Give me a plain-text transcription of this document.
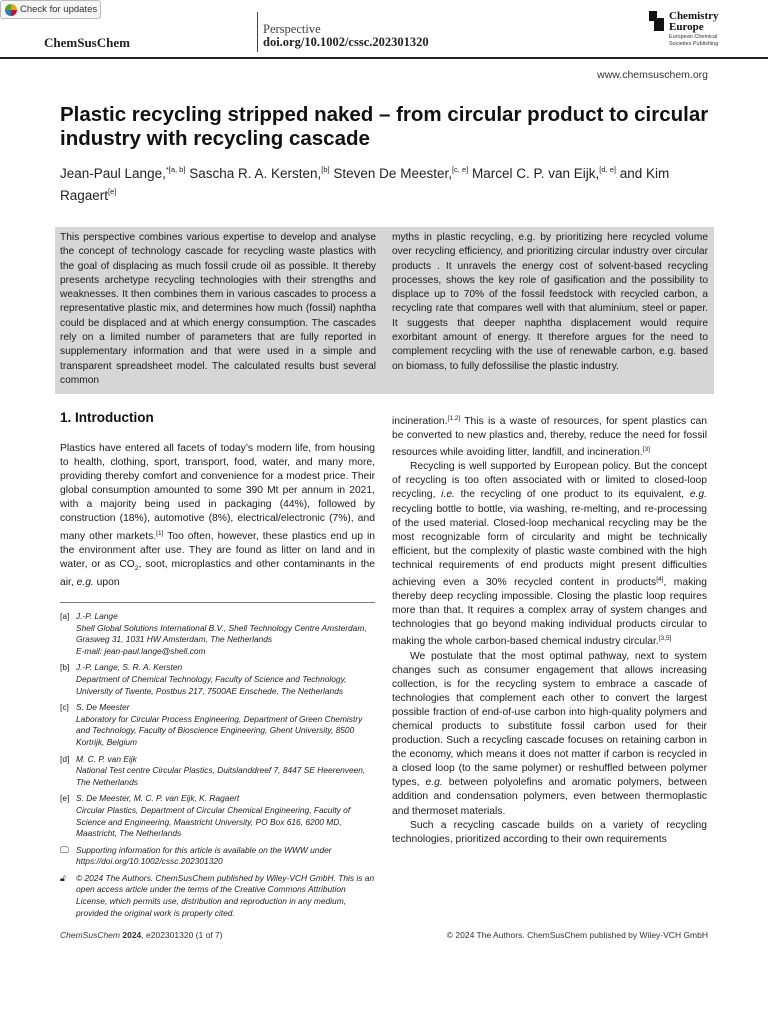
Check for updates
ChemSusChem
Perspective
doi.org/10.1002/cssc.202301320
Chemistry Europe
European Chemical
Societies Publishing
www.chemsuschem.org
Plastic recycling stripped naked – from circular product to circular industry with recycling cascade
Jean-Paul Lange,$^{*[a, b]}$ Sascha R. A. Kersten,[b] Steven De Meester,[c, e] Marcel C. P. van Eijk,[d, e] and Kim Ragaert[e]

This perspective combines various expertise to develop and analyse the concept of technology cascade for recycling waste plastics with the goal of displacing as much fossil crude oil as possible. It thereby presents archetype recycling technologies with their strengths and weaknesses. It then combines them in various cascades to process a representative plastic mix, and determines how much (fossil) naphtha could be displaced and at which energy consumption. The cascades rely on a limited number of parameters that are fully reported in supplementary information and that were used in a simple and transparent spreadsheet model. The calculated results bust several common

myths in plastic recycling, e.g. by prioritizing here recycled volume over recycling efficiency, and prioritizing circular industry over circular products . It unravels the energy cost of solvent-based recycling processes, shows the key role of gasification and the possibility to displace up to 70% of the fossil feedstock with recycled carbon, a recycling rate that compares well with that aluminium, steel or paper. It suggests that deeper naphtha displacement would require exorbitant amount of energy. It therefore argues for the need to complement recycling with the use of renewable carbon, e.g. based on biomass, to fully defossilise the plastic industry.

1. Introduction

Plastics have entered all facets of today’s modern life, from housing to health, clothing, sport, transport, food, water, and many more, providing thereby comfort and convenience for a modest price. Their global consumption amounted to some 390 Mt per annum in 2021, with a majority being used in packaging (44%), followed by construction (18%), automotive (8%), electrical/electronic (7%), and many other markets.[1] Too often, however, these plastics end up in the environment after use. They are found as litter on land and in water, or as $CO_2$, soot, microplastics and other contaminants in the air, e.g. upon

[a] J.-P. Lange
Shell Global Solutions International B.V., Shell Technology Centre Amsterdam, Grasweg 31, 1031 HW Amsterdam, The Netherlands
E-mail: jean-paul.lange@shell.com
[b] J.-P. Lange, S. R. A. Kersten
Department of Chemical Technology, Faculty of Science and Technology, University of Twente, Postbus 217, 7500AE Enschede, The Netherlands
[c] S. De Meester
Laboratory for Circular Process Engineering, Department of Green Chemistry and Technology, Faculty of Bioscience Engineering, Ghent University, 8500 Kortrijk, Belgium
[d] M. C. P. van Eijk
National Test centre Circular Plastics, Duitslanddreef 7, 8447 SE Heerenveen, The Netherlands
[e] S. De Meester, M. C. P. van Eijk, K. Ragaert
Circular Plastics, Department of Circular Chemical Engineering, Faculty of Science and Engineering, Maastricht University, PO Box 616, 6200 MD, Maastricht, The Netherlands
🖵︎ Supporting information for this article is available on the WWW under https://doi.org/10.1002/cssc.202301320
🔓︎	© 2024 The Authors. ChemSusChem published by Wiley-VCH GmbH. This is an open access article under the terms of the Creative Commons Attribution License, which permits use, distribution and reproduction in any medium, provided the original work is properly cited.

incineration.[1,2] This is a waste of resources, for spent plastics can be converted to new plastics and, thereby, reduce the need for fossil resources while avoiding litter, landfill, and incineration.[3]

Recycling is well supported by European policy. But the concept of recycling is too often associated with or limited to closed-loop recycling, i.e. the recycling of one product to its equivalent, e.g. recycling bottle to bottle, via washing, re-melting, and re-processing of the used material. Closed-loop mechanical recycling may be the most recognizable form of circularity and might be technically efficient, but the complexity of plastic waste combined with the high technical requirements of end products might present difficulties achieving even a 30% recycled content in products[4], making thereby deep recycling impossible. Closing the plastic loop requires more than that. It requires a complex array of system changes and technologies that go beyond making individual products circular to making the whole carbon-based chemical industry circular.[3,5]

We postulate that the most optimal pathway, next to system changes such as consumer engagement that allows increasing collection, is for the recycling system to embrace a cascade of technologies that complement each other to convert the largest possible fraction of end-of-use carbon into high-quality polymers and chemical products to substitute fossil carbon used for their production. Such a recycling cascade focuses on retaining carbon in the economy, which means it does not matter if carbon is recycled in a closed loop (to the same polymer) or reshuffled between polymer types, e.g. between polyolefins and aromatic polymers, between addition and condensation polymers, even between thermoplastic and thermoset materials.

Such a recycling cascade builds on a variety of recycling technologies, prioritized according to their own requirements

ChemSusChem 2024, e202301320 (1 of 7)	© 2024 The Authors. ChemSusChem published by Wiley-VCH GmbH
